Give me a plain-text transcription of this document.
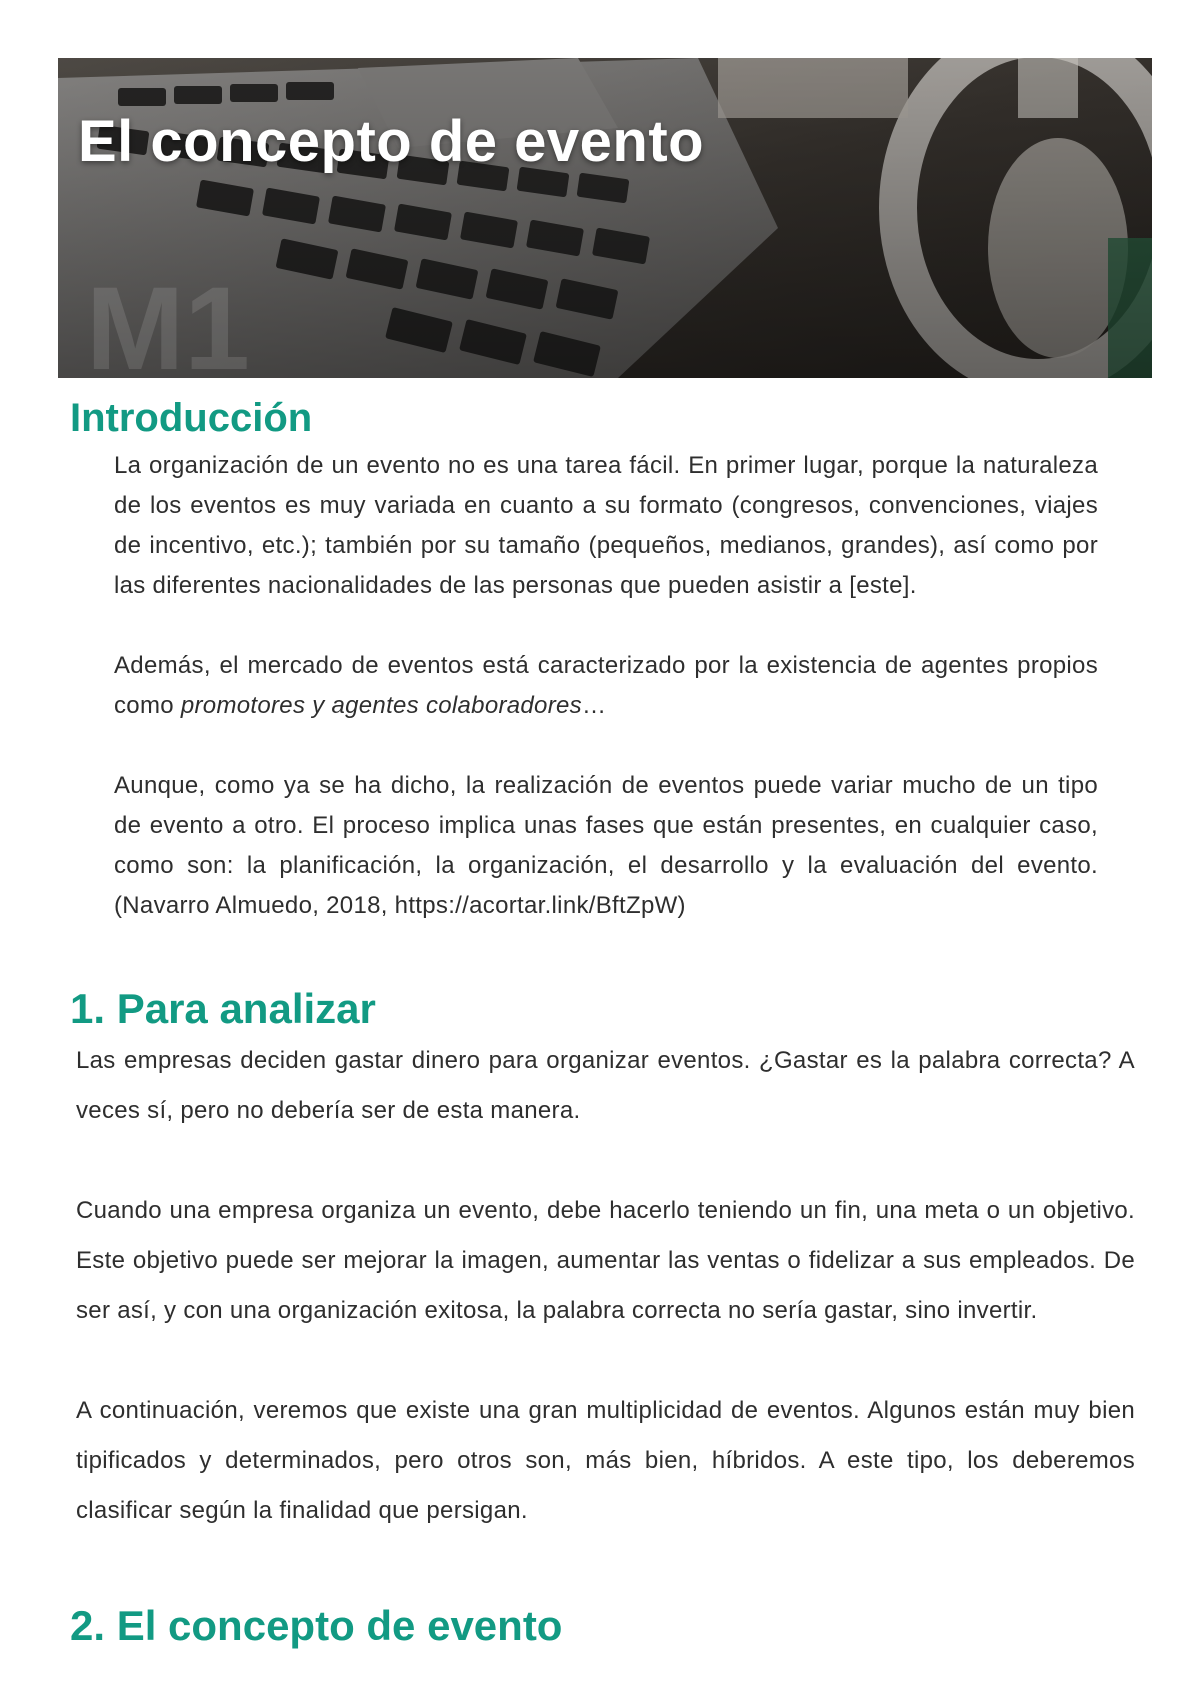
El concepto de evento
M1
Introducción

La organización de un evento no es una tarea fácil. En primer lugar, porque la naturaleza de los eventos es muy variada en cuanto a su formato (congresos, convenciones, viajes de incentivo, etc.); también por su tamaño (pequeños, medianos, grandes), así como por las diferentes nacionalidades de las personas que pueden asistir a [este].

Además, el mercado de eventos está caracterizado por la existencia de agentes propios como promotores y agentes colaboradores…

Aunque, como ya se ha dicho, la realización de eventos puede variar mucho de un tipo de evento a otro. El proceso implica unas fases que están presentes, en cualquier caso, como son: la planificación, la organización, el desarrollo y la evaluación del evento. (Navarro Almuedo, 2018, https://acortar.link/BftZpW)

1. Para analizar

Las empresas deciden gastar dinero para organizar eventos. ¿Gastar es la palabra correcta? A veces sí, pero no debería ser de esta manera.

Cuando una empresa organiza un evento, debe hacerlo teniendo un fin, una meta o un objetivo. Este objetivo puede ser mejorar la imagen, aumentar las ventas o fidelizar a sus empleados. De ser así, y con una organización exitosa, la palabra correcta no sería gastar, sino invertir.

A continuación, veremos que existe una gran multiplicidad de eventos. Algunos están muy bien tipificados y determinados, pero otros son, más bien, híbridos. A este tipo, los deberemos clasificar según la finalidad que persigan.

2. El concepto de evento
